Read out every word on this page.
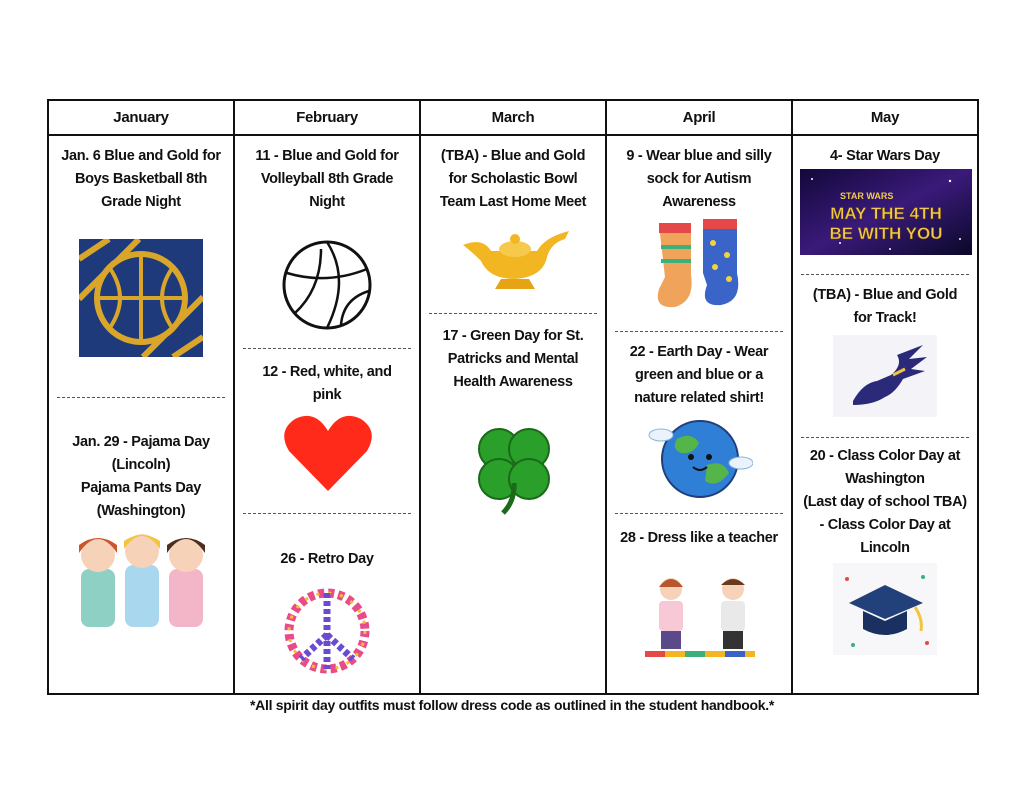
January
Jan. 6 Blue and Gold for
Boys Basketball 8th
Grade Night
Jan. 29 - Pajama Day
(Lincoln)
Pajama Pants Day
(Washington)
February
11 - Blue and Gold for
Volleyball 8th Grade
Night
12 - Red, white, and
pink
26 - Retro Day
March
(TBA) - Blue and Gold
for Scholastic Bowl
Team Last Home Meet
17 - Green Day for St.
Patricks and Mental
Health Awareness
April
9 - Wear blue and silly
sock for Autism
Awareness
22 - Earth Day - Wear
green and blue or a
nature related shirt!
28 - Dress like a teacher
May
4- Star Wars Day
STAR WARS
MAY THE 4TH
BE WITH YOU
(TBA) - Blue and Gold
for Track!
20 - Class Color Day at
Washington
(Last day of school TBA)
- Class Color Day at
Lincoln
*All spirit day outfits must follow dress code as outlined in the student handbook.*
